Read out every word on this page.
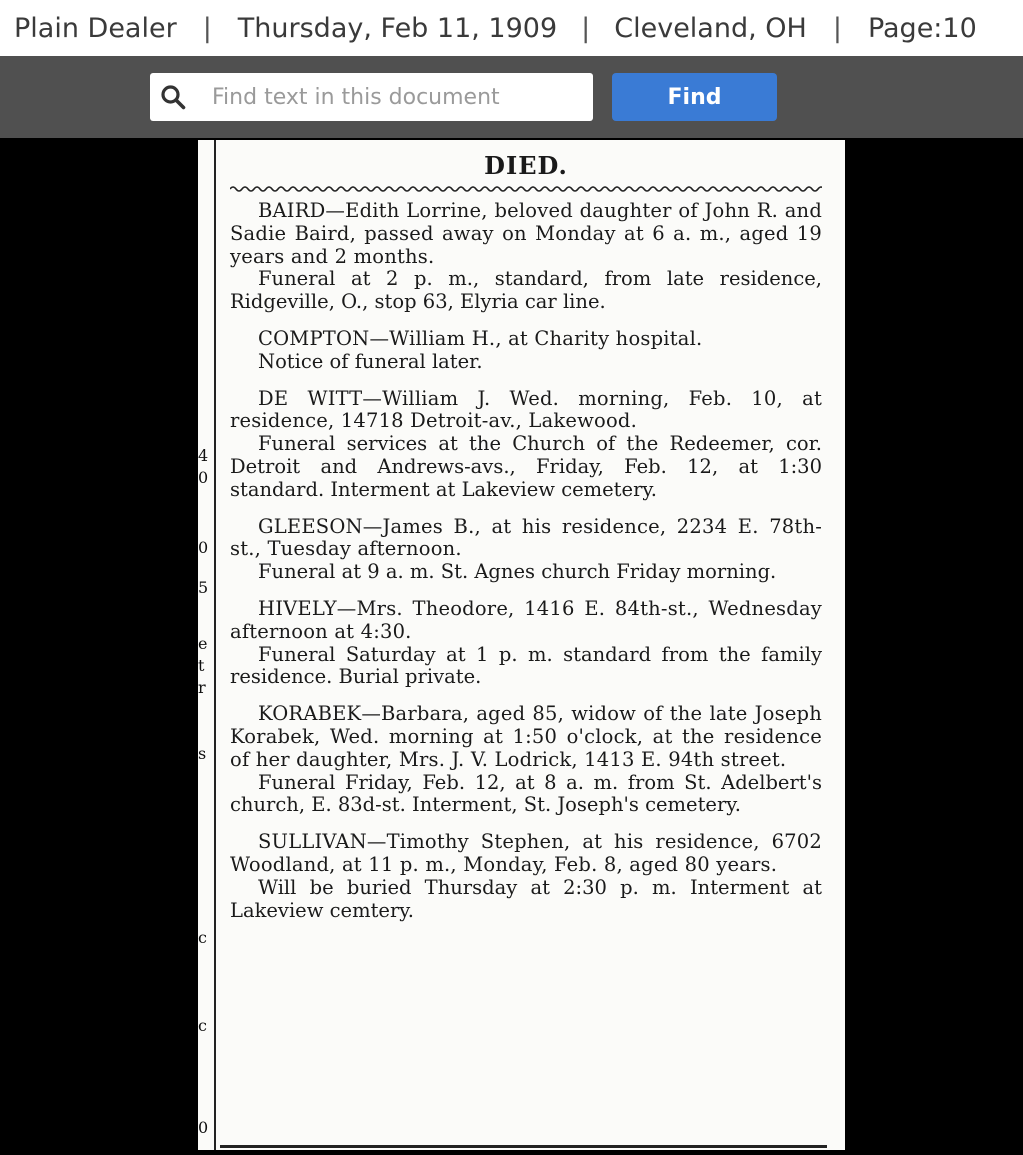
Plain Dealer | Thursday, Feb 11, 1909 | Cleveland, OH | Page:10
Find text in this document
Find
4
0
0
5
e
t
r
s
c
c
0
DIED.

BAIRD—Edith Lorrine, beloved daughter of John R. and Sadie Baird, passed away on Monday at 6 a. m., aged 19 years and 2 months.

Funeral at 2 p. m., standard, from late residence, Ridgeville, O., stop 63, Elyria car line.

COMPTON—William H., at Charity hospital.

Notice of funeral later.

DE WITT—William J. Wed. morning, Feb. 10, at residence, 14718 Detroit-av., Lakewood.

Funeral services at the Church of the Redeemer, cor. Detroit and Andrews-avs., Friday, Feb. 12, at 1:30 standard. Interment at Lakeview cemetery.

GLEESON—James B., at his residence, 2234 E. 78th-st., Tuesday afternoon.

Funeral at 9 a. m. St. Agnes church Friday morning.

HIVELY—Mrs. Theodore, 1416 E. 84th-st., Wednesday afternoon at 4:30.

Funeral Saturday at 1 p. m. standard from the family residence. Burial private.

KORABEK—Barbara, aged 85, widow of the late Joseph Korabek, Wed. morning at 1:50 o'clock, at the residence of her daughter, Mrs. J. V. Lodrick, 1413 E. 94th street.

Funeral Friday, Feb. 12, at 8 a. m. from St. Adelbert's church, E. 83d-st. Interment, St. Joseph's cemetery.

SULLIVAN—Timothy Stephen, at his residence, 6702 Woodland, at 11 p. m., Monday, Feb. 8, aged 80 years.

Will be buried Thursday at 2:30 p. m. Interment at Lakeview cemtery.
